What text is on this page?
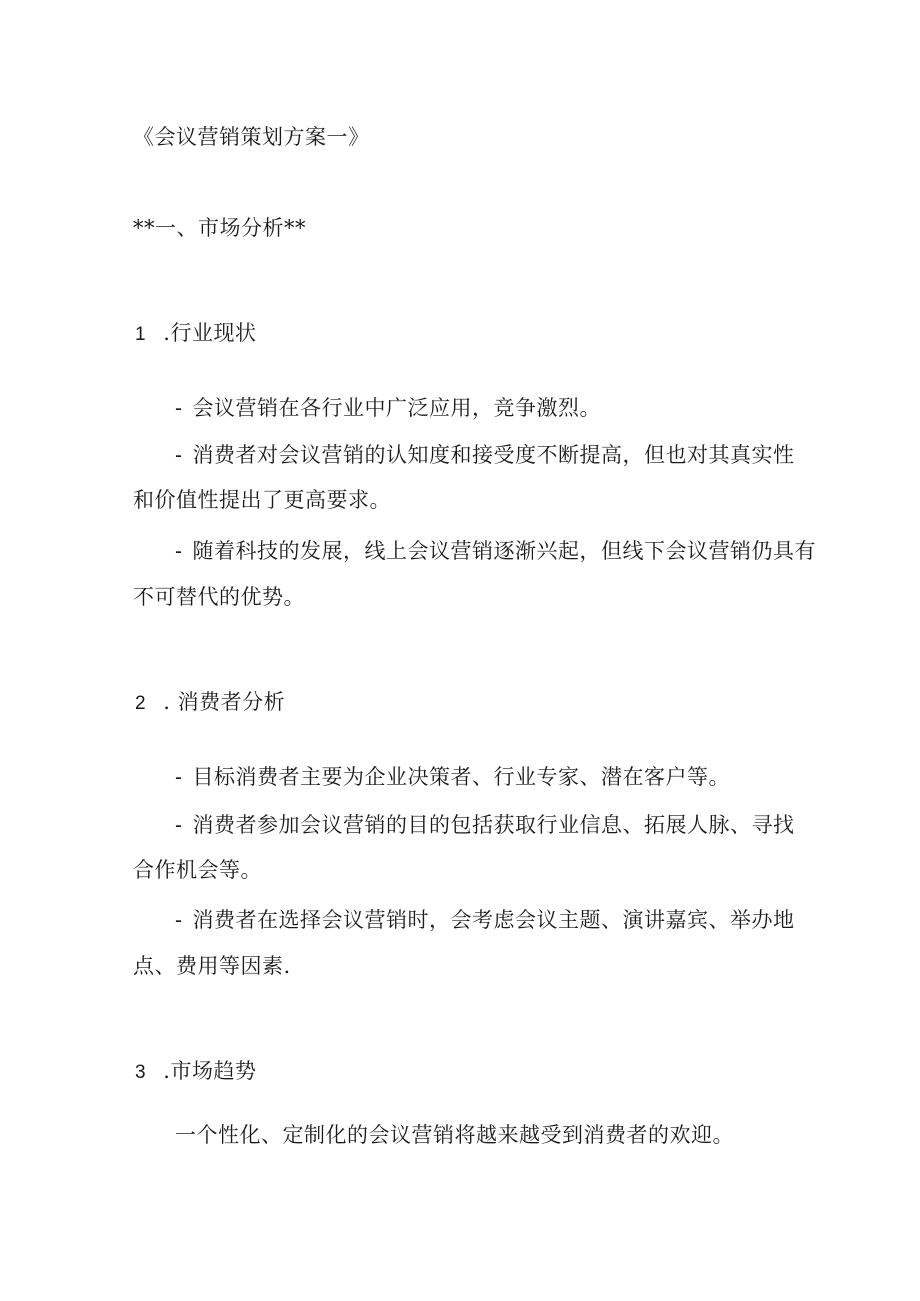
《会议营销策划方案一》
**一、市场分析**
1 .行业现状
- 会议营销在各行业中广泛应用，竞争激烈。
- 消费者对会议营销的认知度和接受度不断提高，但也对其真实性
和价值性提出了更高要求。
- 随着科技的发展，线上会议营销逐渐兴起，但线下会议营销仍具有
不可替代的优势。
2 . 消费者分析
- 目标消费者主要为企业决策者、行业专家、潜在客户等。
- 消费者参加会议营销的目的包括获取行业信息、拓展人脉、寻找
合作机会等。
- 消费者在选择会议营销时，会考虑会议主题、演讲嘉宾、举办地
点、费用等因素.
3 .市场趋势
一个性化、定制化的会议营销将越来越受到消费者的欢迎。
